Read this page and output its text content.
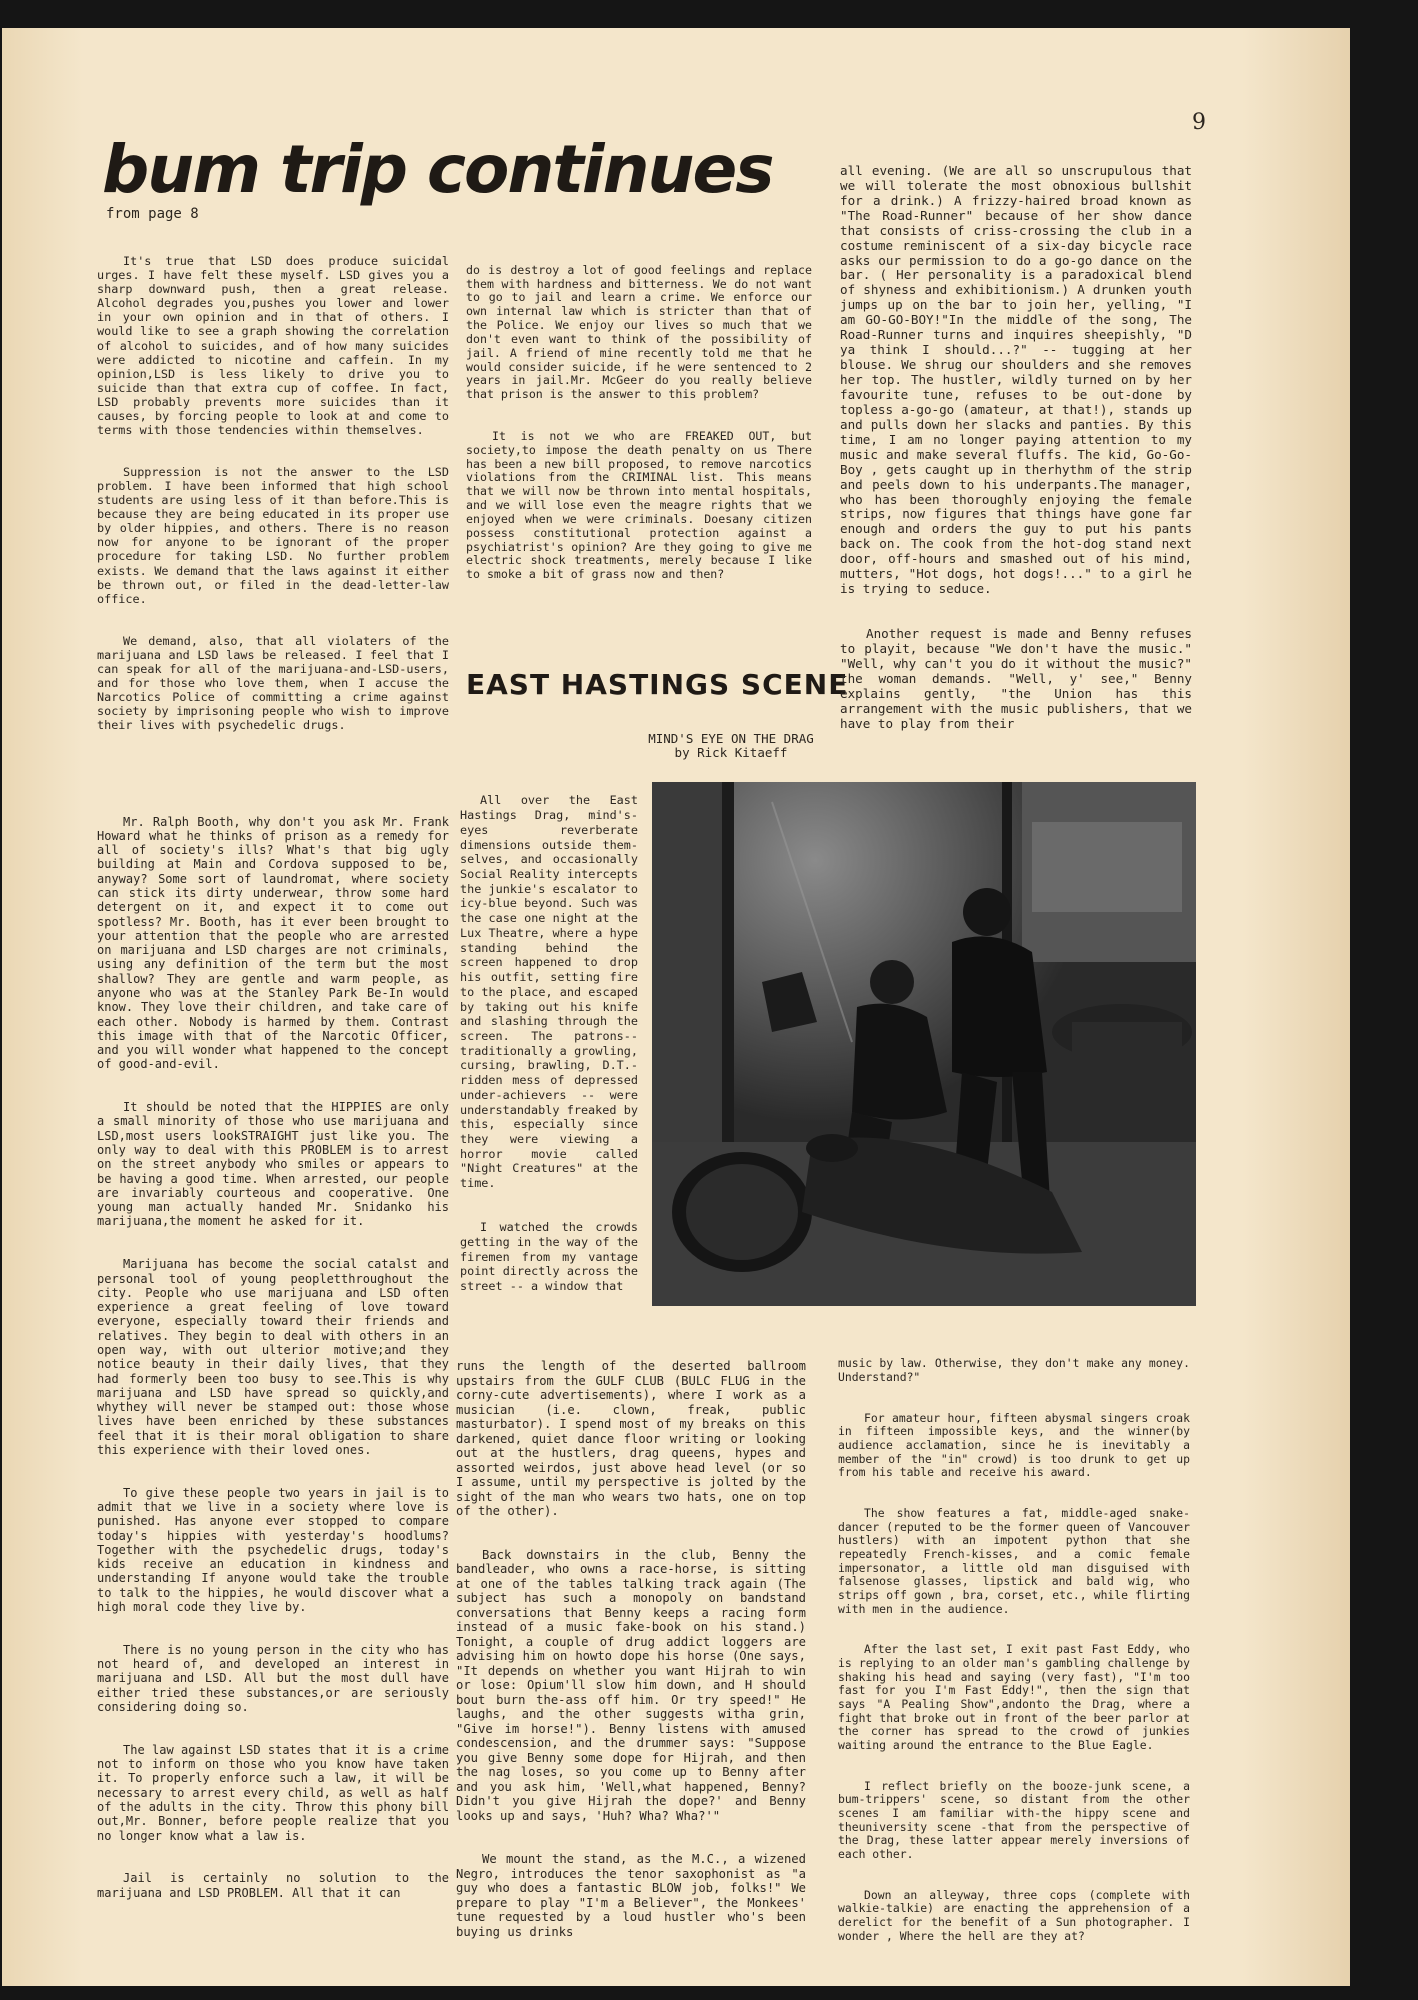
9
bum trip continues
from page 8

It's true that LSD does produce suicidal urges. I have felt these myself. LSD gives you a sharp downward push, then a great release. Alcohol degrades you,pushes you lower and lower in your own opinion and in that of others. I would like to see a graph showing the correlation of alcohol to suicides, and of how many suicides were addicted to nicotine and caffein. In my opinion,LSD is less likely to drive you to suicide than that extra cup of coffee. In fact, LSD probably prevents more suicides than it causes, by forcing people to look at and come to terms with those tendencies within themselves.

Suppression is not the answer to the LSD problem. I have been informed that high school students are using less of it than before.This is because they are being educated in its proper use by older hippies, and others. There is no reason now for anyone to be ignorant of the proper procedure for taking LSD. No further problem exists. We demand that the laws against it either be thrown out, or filed in the dead-letter-law office.

We demand, also, that all violaters of the marijuana and LSD laws be released. I feel that I can speak for all of the marijuana-and-LSD-users, and for those who love them, when I accuse the Narcotics Police of committing a crime against society by imprisoning people who wish to improve their lives with psychedelic drugs.

do is destroy a lot of good feelings and replace them with hardness and bitterness. We do not want to go to jail and learn a crime. We enforce our own internal law which is stricter than that of the Police. We enjoy our lives so much that we don't even want to think of the possibility of jail. A friend of mine recently told me that he would consider suicide, if he were sentenced to 2 years in jail.Mr. McGeer do you really believe that prison is the answer to this problem?

It is not we who are FREAKED OUT, but society,to impose the death penalty on us There has been a new bill proposed, to remove narcotics violations from the CRIMINAL list. This means that we will now be thrown into mental hospitals, and we will lose even the meagre rights that we enjoyed when we were criminals. Doesany citizen possess constitutional protection against a psychiatrist's opinion? Are they going to give me electric shock treatments, merely because I like to smoke a bit of grass now and then?

Mr. Ralph Booth, why don't you ask Mr. Frank Howard what he thinks of prison as a remedy for all of society's ills? What's that big ugly building at Main and Cordova supposed to be, anyway? Some sort of laundromat, where society can stick its dirty underwear, throw some hard detergent on it, and expect it to come out spotless? Mr. Booth, has it ever been brought to your attention that the people who are arrested on marijuana and LSD charges are not criminals, using any definition of the term but the most shallow? They are gentle and warm people, as anyone who was at the Stanley Park Be-In would know. They love their children, and take care of each other. Nobody is harmed by them. Contrast this image with that of the Narcotic Officer, and you will wonder what happened to the concept of good-and-evil.

It should be noted that the HIPPIES are only a small minority of those who use marijuana and LSD,most users lookSTRAIGHT just like you. The only way to deal with this PROBLEM is to arrest on the street anybody who smiles or appears to be having a good time. When arrested, our people are invariably courteous and cooperative. One young man actually handed Mr. Snidanko his marijuana,the moment he asked for it.

Marijuana has become the social catalst and personal tool of young peopletthroughout the city. People who use marijuana and LSD often experience a great feeling of love toward everyone, especially toward their friends and relatives. They begin to deal with others in an open way, with out ulterior motive;and they notice beauty in their daily lives, that they had formerly been too busy to see.This is why marijuana and LSD have spread so quickly,and whythey will never be stamped out: those whose lives have been enriched by these substances feel that it is their moral obligation to share this experience with their loved ones.

To give these people two years in jail is to admit that we live in a society where love is punished. Has anyone ever stopped to compare today's hippies with yesterday's hoodlums? Together with the psychedelic drugs, today's kids receive an education in kindness and understanding If anyone would take the trouble to talk to the hippies, he would discover what a high moral code they live by.

There is no young person in the city who has not heard of, and developed an interest in marijuana and LSD. All but the most dull have either tried these substances,or are seriously considering doing so.

The law against LSD states that it is a crime not to inform on those who you know have taken it. To properly enforce such a law, it will be necessary to arrest every child, as well as half of the adults in the city. Throw this phony bill out,Mr. Bonner, before people realize that you no longer know what a law is.

Jail is certainly no solution to the marijuana and LSD PROBLEM. All that it can

EAST HASTINGS SCENE
MIND'S EYE ON THE DRAG
by Rick Kitaeff

All over the East Hastings Drag, mind's-eyes reverberate dimensions outside them-selves, and occasionally Social Reality intercepts the junkie's escalator to icy-blue beyond. Such was the case one night at the Lux Theatre, where a hype standing behind the screen happened to drop his outfit, setting fire to the place, and escaped by taking out his knife and slashing through the screen. The patrons-- traditionally a growling, cursing, brawling, D.T.-ridden mess of depressed under-achievers -- were understandably freaked by this, especially since they were viewing a horror movie called "Night Creatures" at the time.

I watched the crowds getting in the way of the firemen from my vantage point directly across the street -- a window that

all evening. (We are all so unscrupulous that we will tolerate the most obnoxious bullshit for a drink.) A frizzy-haired broad known as "The Road-Runner" because of her show dance that consists of criss-crossing the club in a costume reminiscent of a six-day bicycle race asks our permission to do a go-go dance on the bar. ( Her personality is a paradoxical blend of shyness and exhibitionism.) A drunken youth jumps up on the bar to join her, yelling, "I am GO-GO-BOY!"In the middle of the song, The Road-Runner turns and inquires sheepishly, "D ya think I should...?" -- tugging at her blouse. We shrug our shoulders and she removes her top. The hustler, wildly turned on by her favourite tune, refuses to be out-done by topless a-go-go (amateur, at that!), stands up and pulls down her slacks and panties. By this time, I am no longer paying attention to my music and make several fluffs. The kid, Go-Go-Boy , gets caught up in therhythm of the strip and peels down to his underpants.The manager, who has been thoroughly enjoying the female strips, now figures that things have gone far enough and orders the guy to put his pants back on. The cook from the hot-dog stand next door, off-hours and smashed out of his mind, mutters, "Hot dogs, hot dogs!..." to a girl he is trying to seduce.

Another request is made and Benny refuses to playit, because "We don't have the music." "Well, why can't you do it without the music?" the woman demands. "Well, y' see," Benny explains gently, "the Union has this arrangement with the music publishers, that we have to play from their

runs the length of the deserted ballroom upstairs from the GULF CLUB (BULC FLUG in the corny-cute advertisements), where I work as a musician (i.e. clown, freak, public masturbator). I spend most of my breaks on this darkened, quiet dance floor writing or looking out at the hustlers, drag queens, hypes and assorted weirdos, just above head level (or so I assume, until my perspective is jolted by the sight of the man who wears two hats, one on top of the other).

Back downstairs in the club, Benny the bandleader, who owns a race-horse, is sitting at one of the tables talking track again (The subject has such a monopoly on bandstand conversations that Benny keeps a racing form instead of a music fake-book on his stand.) Tonight, a couple of drug addict loggers are advising him on howto dope his horse (One says, "It depends on whether you want Hijrah to win or lose: Opium'll slow him down, and H should bout burn the-ass off him. Or try speed!" He laughs, and the other suggests witha grin, "Give im horse!"). Benny listens with amused condescension, and the drummer says: "Suppose you give Benny some dope for Hijrah, and then the nag loses, so you come up to Benny after and you ask him, 'Well,what happened, Benny?Didn't you give Hijrah the dope?' and Benny looks up and says, 'Huh? Wha? Wha?'"

We mount the stand, as the M.C., a wizened Negro, introduces the tenor saxophonist as "a guy who does a fantastic BLOW job, folks!" We prepare to play "I'm a Believer", the Monkees' tune requested by a loud hustler who's been buying us drinks

music by law. Otherwise, they don't make any money. Understand?"

For amateur hour, fifteen abysmal singers croak in fifteen impossible keys, and the winner(by audience acclamation, since he is inevitably a member of the "in" crowd) is too drunk to get up from his table and receive his award.

The show features a fat, middle-aged snake-dancer (reputed to be the former queen of Vancouver hustlers) with an impotent python that she repeatedly French-kisses, and a comic female impersonator, a little old man disguised with falsenose glasses, lipstick and bald wig, who strips off gown , bra, corset, etc., while flirting with men in the audience.

After the last set, I exit past Fast Eddy, who is replying to an older man's gambling challenge by shaking his head and saying (very fast), "I'm too fast for you I'm Fast Eddy!", then the sign that says "A Pealing Show",andonto the Drag, where a fight that broke out in front of the beer parlor at the corner has spread to the crowd of junkies waiting around the entrance to the Blue Eagle.

I reflect briefly on the booze-junk scene, a bum-trippers' scene, so distant from the other scenes I am familiar with-the hippy scene and theuniversity scene -that from the perspective of the Drag, these latter appear merely inversions of each other.

Down an alleyway, three cops (complete with walkie-talkie) are enacting the apprehension of a derelict for the benefit of a Sun photographer. I wonder , Where the hell are they at?
